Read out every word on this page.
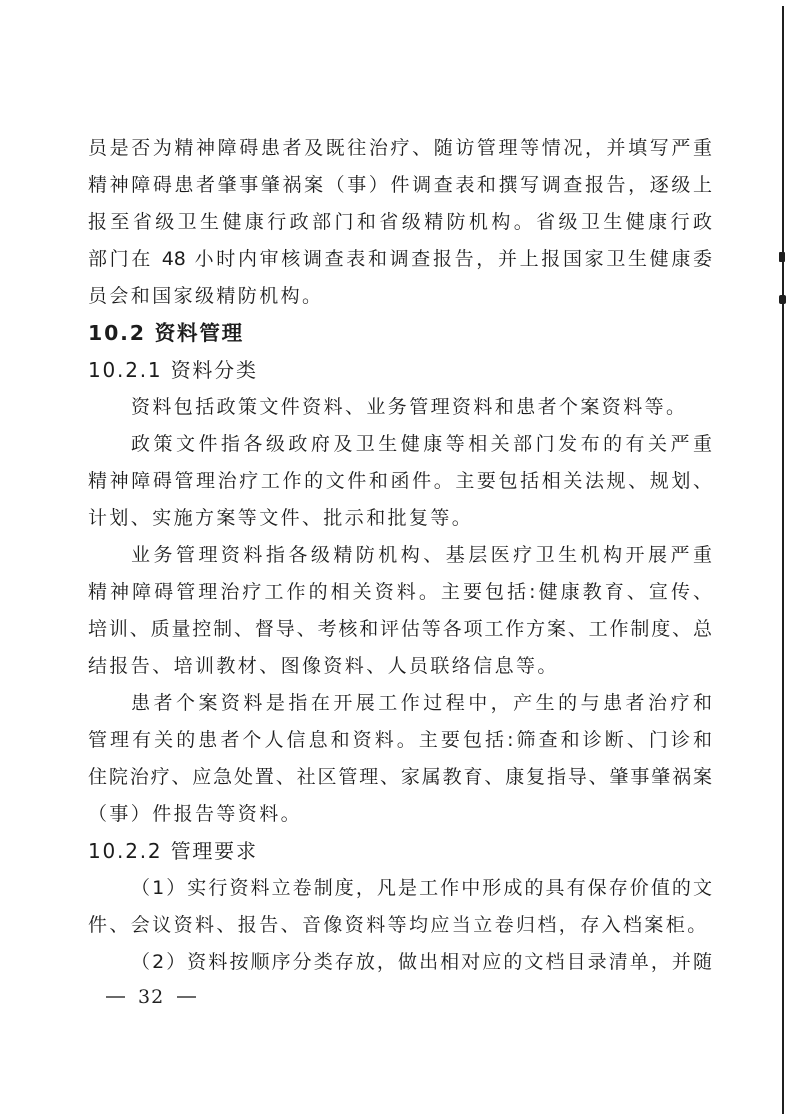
员是否为精神障碍患者及既往治疗、随访管理等情况，并填写严重
精神障碍患者肇事肇祸案（事）件调查表和撰写调查报告，逐级上
报至省级卫生健康行政部门和省级精防机构。省级卫生健康行政
部门在 48 小时内审核调查表和调查报告，并上报国家卫生健康委
员会和国家级精防机构。
10.2 资料管理
10.2.1 资料分类
资料包括政策文件资料、业务管理资料和患者个案资料等。
政策文件指各级政府及卫生健康等相关部门发布的有关严重
精神障碍管理治疗工作的文件和函件。主要包括相关法规、规划、
计划、实施方案等文件、批示和批复等。
业务管理资料指各级精防机构、基层医疗卫生机构开展严重
精神障碍管理治疗工作的相关资料。主要包括:健康教育、宣传、
培训、质量控制、督导、考核和评估等各项工作方案、工作制度、总
结报告、培训教材、图像资料、人员联络信息等。
患者个案资料是指在开展工作过程中，产生的与患者治疗和
管理有关的患者个人信息和资料。主要包括:筛查和诊断、门诊和
住院治疗、应急处置、社区管理、家属教育、康复指导、肇事肇祸案
（事）件报告等资料。
10.2.2 管理要求
（1）实行资料立卷制度，凡是工作中形成的具有保存价值的文
件、会议资料、报告、音像资料等均应当立卷归档，存入档案柜。
（2）资料按顺序分类存放，做出相对应的文档目录清单，并随
32
